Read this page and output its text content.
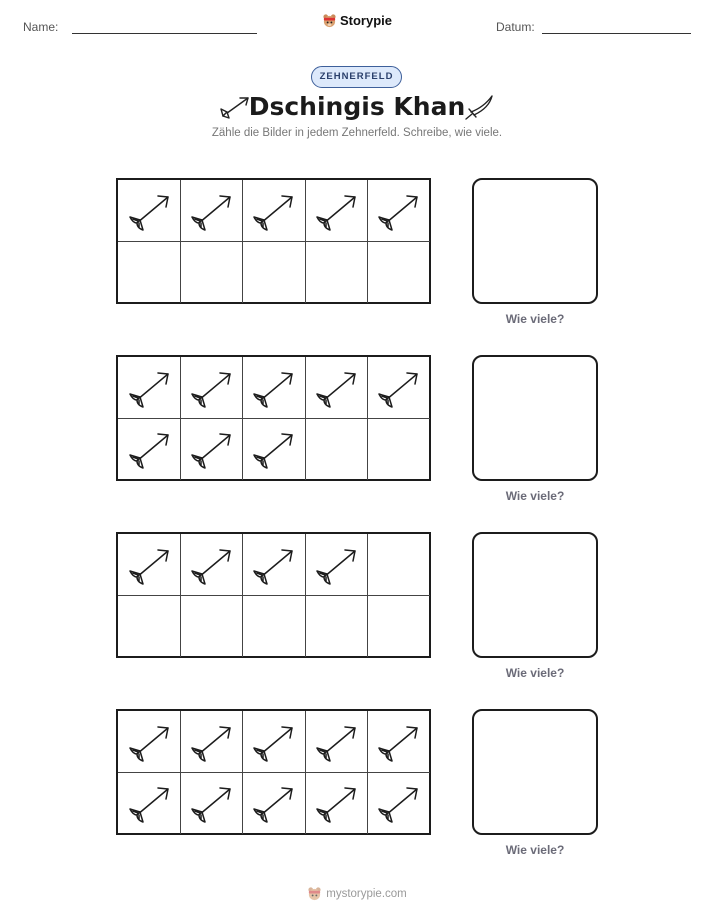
Name:	Storypie	Datum:
ZEHNERFELD
Dschingis Khan
Zähle die Bilder in jedem Zehnerfeld. Schreibe, wie viele.
Wie viele?
Wie viele?
Wie viele?
Wie viele?
mystorypie.com
